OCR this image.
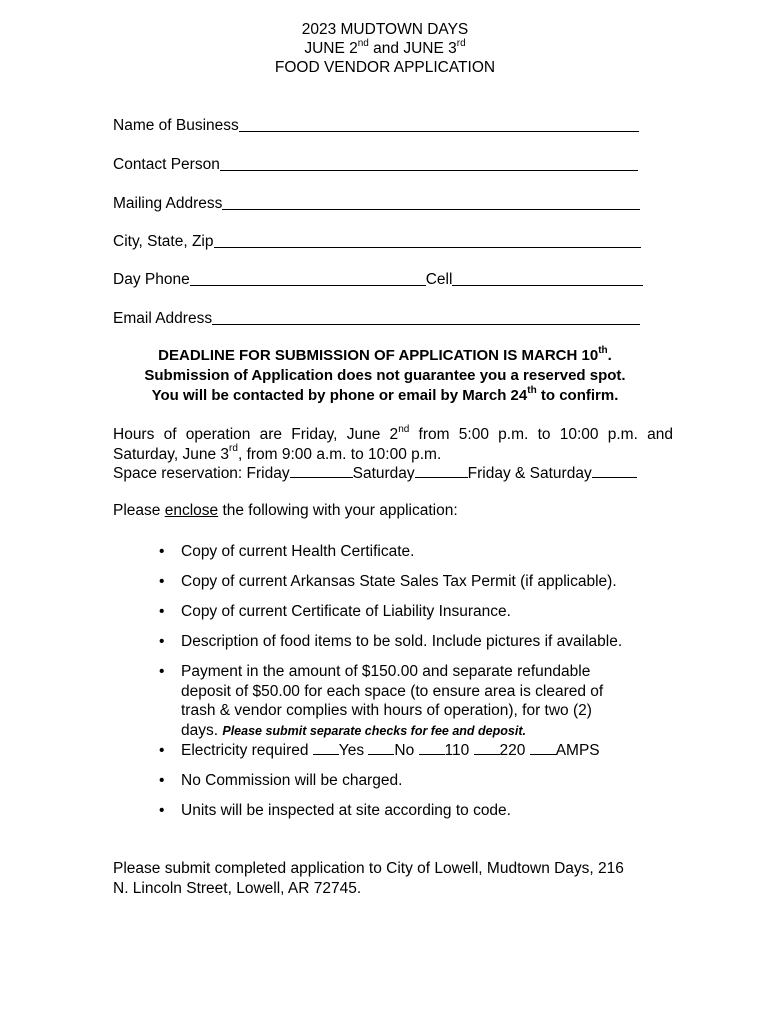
2023 MUDTOWN DAYS
JUNE 2nd and JUNE 3rd
FOOD VENDOR APPLICATION
Name of Business
Contact Person
Mailing Address
City, State, Zip
Day Phone	Cell
Email Address
DEADLINE FOR SUBMISSION OF APPLICATION IS MARCH 10th.
Submission of Application does not guarantee you a reserved spot.
You will be contacted by phone or email by March 24th to confirm.
Hours of operation are Friday, June 2nd from 5:00 p.m. to 10:00 p.m. and
Saturday, June 3rd, from 9:00 a.m. to 10:00 p.m.
Space reservation: Friday	Saturday	Friday & Saturday
Please enclose the following with your application:
• Copy of current Health Certificate.
• Copy of current Arkansas State Sales Tax Permit (if applicable).
• Copy of current Certificate of Liability Insurance.
• Description of food items to be sold. Include pictures if available.
• Payment in the amount of $150.00 and separate refundable
deposit of $50.00 for each space (to ensure area is cleared of
trash & vendor complies with hours of operation), for two (2)
days. Please submit separate checks for fee and deposit.
• Electricity required Yes No 110 220 AMPS
• No Commission will be charged.
• Units will be inspected at site according to code.
Please submit completed application to City of Lowell, Mudtown Days, 216
N. Lincoln Street, Lowell, AR 72745.
